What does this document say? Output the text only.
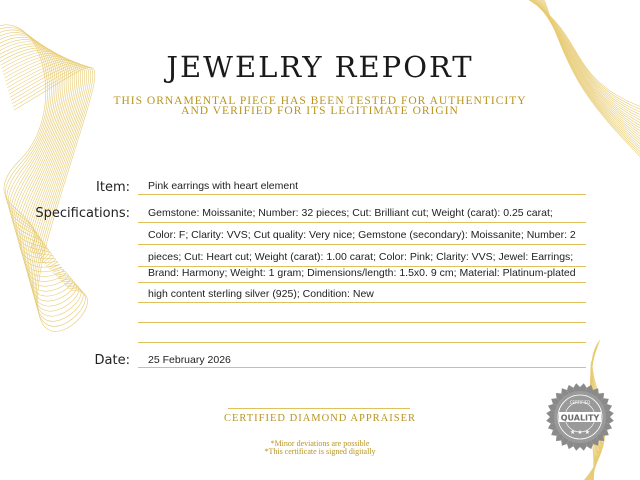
JEWELRY REPORT
THIS ORNAMENTAL PIECE HAS BEEN TESTED FOR AUTHENTICITY
AND VERIFIED FOR ITS LEGITIMATE ORIGIN
Item: Pink earrings with heart element
Specifications: Gemstone: Moissanite; Number: 32 pieces; Cut: Brilliant cut; Weight (carat): 0.25 carat;
Color: F; Clarity: VVS; Cut quality: Very nice; Gemstone (secondary): Moissanite; Number: 2
pieces; Cut: Heart cut; Weight (carat): 1.00 carat; Color: Pink; Clarity: VVS; Jewel: Earrings;
Brand: Harmony; Weight: 1 gram; Dimensions/length: 1.5x0. 9 cm; Material: Platinum-plated
high content sterling silver (925); Condition: New
Date: 25 February 2026
CERTIFIED DIAMOND APPRAISER
*Minor deviations are possible
*This certificate is signed digitally
QUALITY
CERTIFIED
★ ★ ★
